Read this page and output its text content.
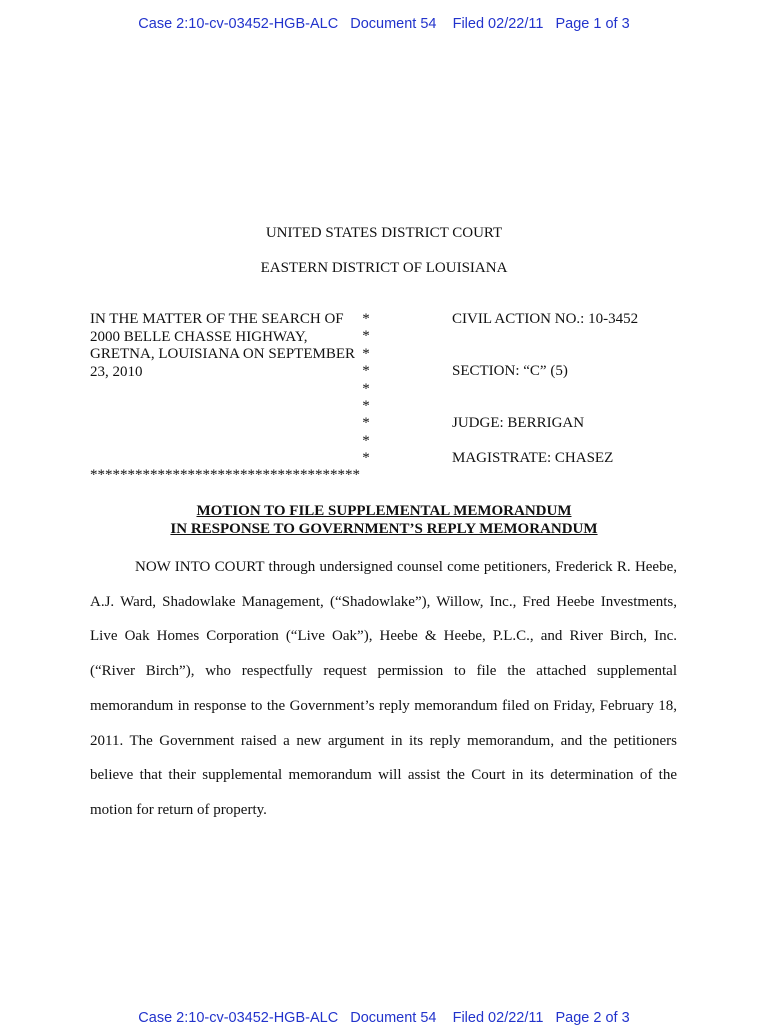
Case 2:10-cv-03452-HGB-ALC   Document 54    Filed 02/22/11   Page 1 of 3
UNITED STATES DISTRICT COURT
EASTERN DISTRICT OF LOUISIANA
IN THE MATTER OF THE SEARCH OF 2000 BELLE CHASSE HIGHWAY, GRETNA, LOUISIANA ON SEPTEMBER 23, 2010
*
*
*
*
*
*
*
*
*
CIVIL ACTION NO.: 10-3452
SECTION: “C” (5)
JUDGE: BERRIGAN
MAGISTRATE: CHASEZ
************************************
MOTION TO FILE SUPPLEMENTAL MEMORANDUM
IN RESPONSE TO GOVERNMENT’S REPLY MEMORANDUM

NOW INTO COURT through undersigned counsel come petitioners, Frederick R. Heebe, A.J. Ward, Shadowlake Management, (“Shadowlake”), Willow, Inc., Fred Heebe Investments, Live Oak Homes Corporation (“Live Oak”), Heebe & Heebe, P.L.C., and River Birch, Inc. (“River Birch”), who respectfully request permission to file the attached supplemental memorandum in response to the Government’s reply memorandum filed on Friday, February 18, 2011. The Government raised a new argument in its reply memorandum, and the petitioners believe that their supplemental memorandum will assist the Court in its determination of the motion for return of property.

Case 2:10-cv-03452-HGB-ALC   Document 54    Filed 02/22/11   Page 2 of 3
